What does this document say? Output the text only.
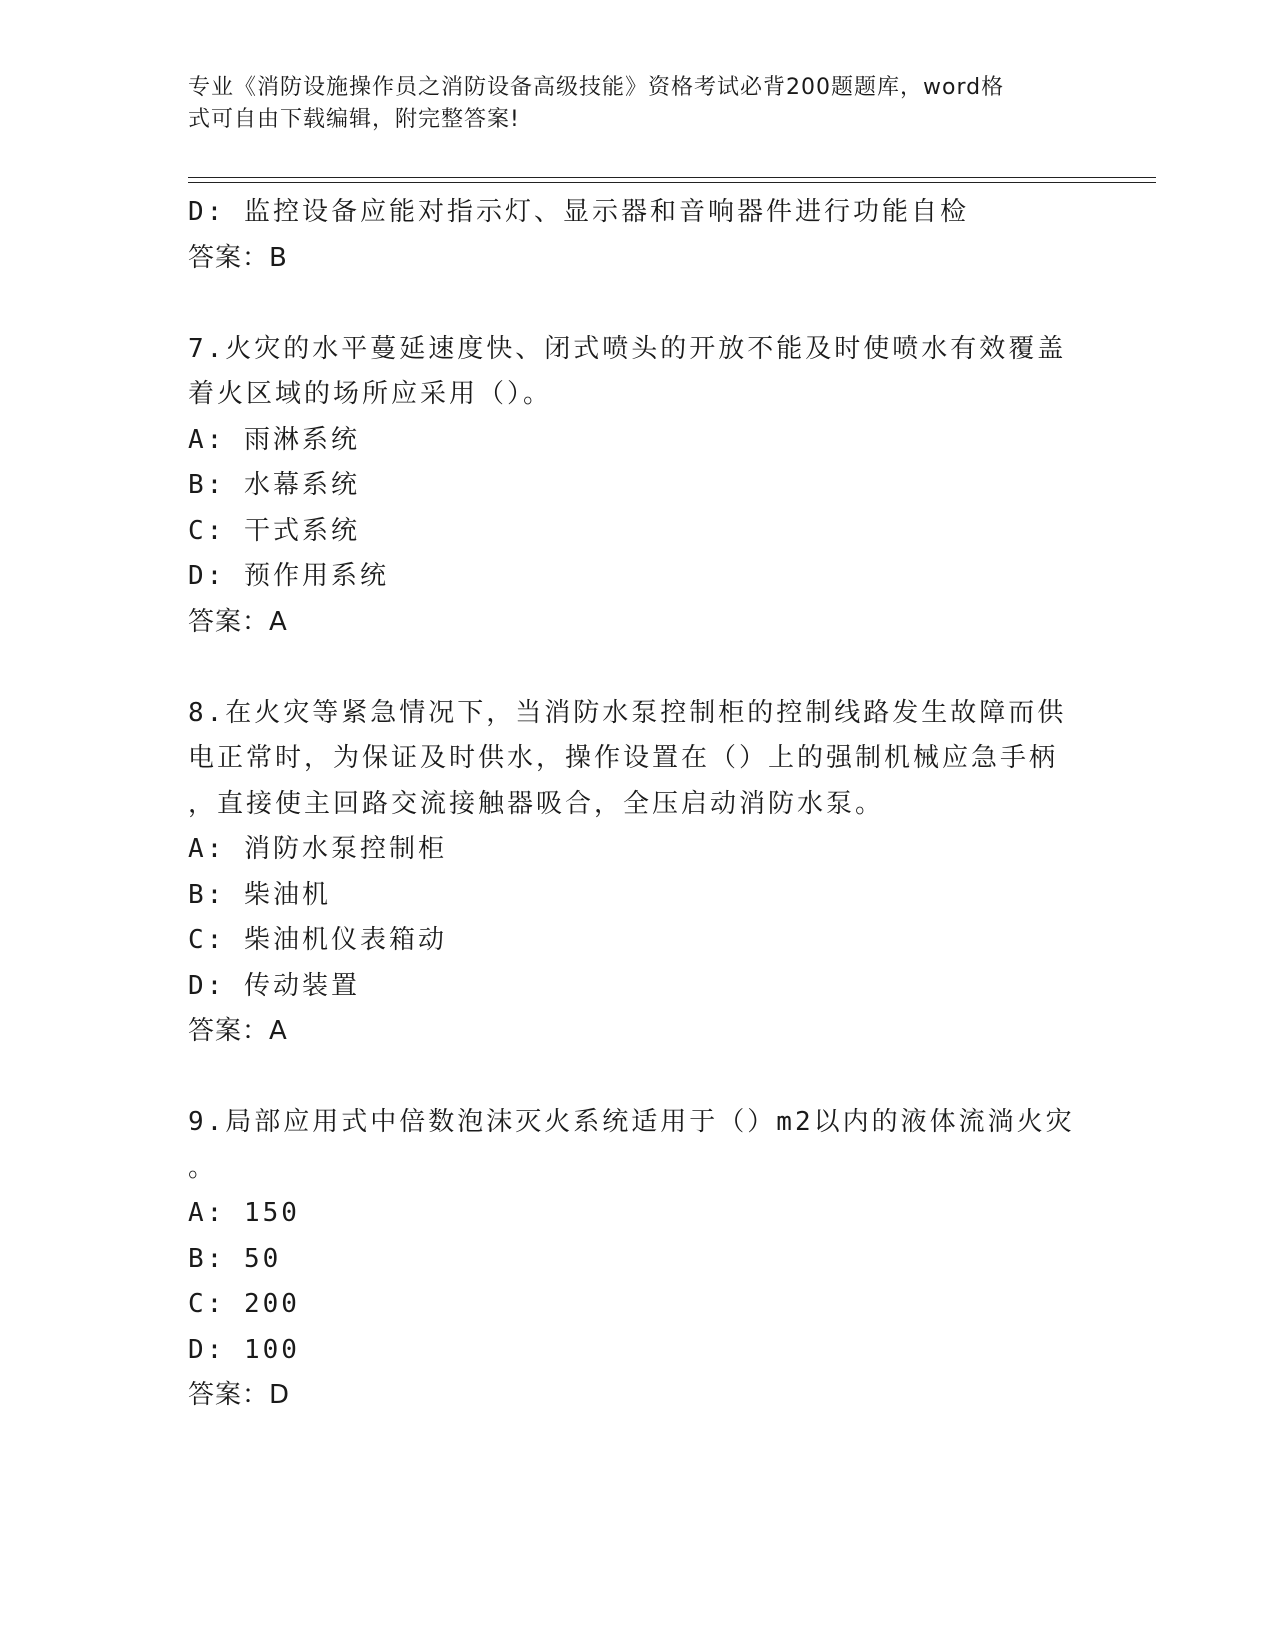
专业《消防设施操作员之消防设备高级技能》资格考试必背200题题库，word格
式可自由下载编辑，附完整答案!
D: 监控设备应能对指示灯、显示器和音响器件进行功能自检
答案：B
7.火灾的水平蔓延速度快、闭式喷头的开放不能及时使喷水有效覆盖
着火区域的场所应采用（）。
A: 雨淋系统
B: 水幕系统
C: 干式系统
D: 预作用系统
答案：A
8.在火灾等紧急情况下，当消防水泵控制柜的控制线路发生故障而供
电正常时，为保证及时供水，操作设置在（）上的强制机械应急手柄
，直接使主回路交流接触器吸合，全压启动消防水泵。
A: 消防水泵控制柜
B: 柴油机
C: 柴油机仪表箱动
D: 传动装置
答案：A
9.局部应用式中倍数泡沫灭火系统适用于（）m2以内的液体流淌火灾
。
A: 150
B: 50
C: 200
D: 100
答案：D
